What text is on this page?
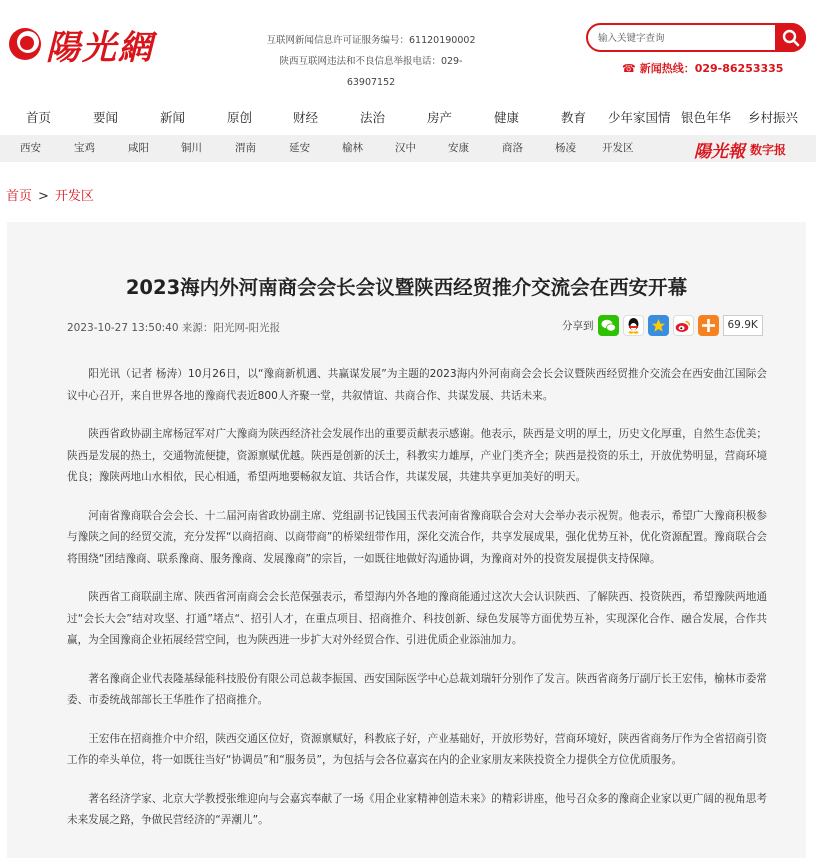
陽光網	互联网新闻信息许可证服务编号：61120190002
陕西互联网违法和不良信息举报电话：029-63907152
输入关键字查询
☎ 新闻热线：029-86253335
首页	要闻	新闻	原创	财经	法治	房产	健康	教育 少年家国情 银色年华 乡村振兴
西安	宝鸡	咸阳	铜川	渭南	延安	榆林	汉中	安康	商洛	杨凌 开发区	陽光報 数字报
首页 > 开发区
2023海内外河南商会会长会议暨陕西经贸推介交流会在西安开幕
2023-10-27 13:50:40 来源：阳光网-阳光报	分享到	69.9K

阳光讯（记者 杨涛）10月26日，以“豫商新机遇、共赢谋发展”为主题的2023海内外河南商会会长会议暨陕西经贸推介交流会在西安曲江国际会议中心召开，来自世界各地的豫商代表近800人齐聚一堂，共叙情谊、共商合作、共谋发展、共话未来。

陕西省政协副主席杨冠军对广大豫商为陕西经济社会发展作出的重要贡献表示感谢。他表示，陕西是文明的厚土，历史文化厚重，自然生态优美；陕西是发展的热土，交通物流便捷，资源禀赋优越。陕西是创新的沃土，科教实力雄厚，产业门类齐全；陕西是投资的乐土，开放优势明显，营商环境优良；豫陕两地山水相依，民心相通，希望两地要畅叙友谊、共话合作，共谋发展，共建共享更加美好的明天。

河南省豫商联合会会长、十二届河南省政协副主席、党组副书记钱国玉代表河南省豫商联合会对大会举办表示祝贺。他表示，希望广大豫商积极参与豫陕之间的经贸交流，充分发挥“以商招商、以商带商”的桥梁纽带作用，深化交流合作，共享发展成果，强化优势互补，优化资源配置。豫商联合会将围绕“团结豫商、联系豫商、服务豫商、发展豫商”的宗旨，一如既往地做好沟通协调，为豫商对外的投资发展提供支持保障。

陕西省工商联副主席、陕西省河南商会会长范保强表示，希望海内外各地的豫商能通过这次大会认识陕西、了解陕西、投资陕西，希望豫陕两地通过“会长大会”结对攻坚、打通”堵点“、招引人才，在重点项目、招商推介、科技创新、绿色发展等方面优势互补，实现深化合作、融合发展，合作共赢，为全国豫商企业拓展经营空间，也为陕西进一步扩大对外经贸合作、引进优质企业添油加力。

著名豫商企业代表隆基绿能科技股份有限公司总裁李振国、西安国际医学中心总裁刘瑞轩分别作了发言。陕西省商务厅副厅长王宏伟，榆林市委常委、市委统战部部长王华胜作了招商推介。

王宏伟在招商推介中介绍，陕西交通区位好，资源禀赋好，科教底子好，产业基础好，开放形势好，营商环境好，陕西省商务厅作为全省招商引资工作的牵头单位，将一如既往当好“协调员”和“服务员”，为包括与会各位嘉宾在内的企业家朋友来陕投资全力提供全方位优质服务。

著名经济学家、北京大学教授张维迎向与会嘉宾奉献了一场《用企业家精神创造未来》的精彩讲座，他号召众多的豫商企业家以更广阔的视角思考未来发展之路，争做民营经济的“弄潮儿”。
